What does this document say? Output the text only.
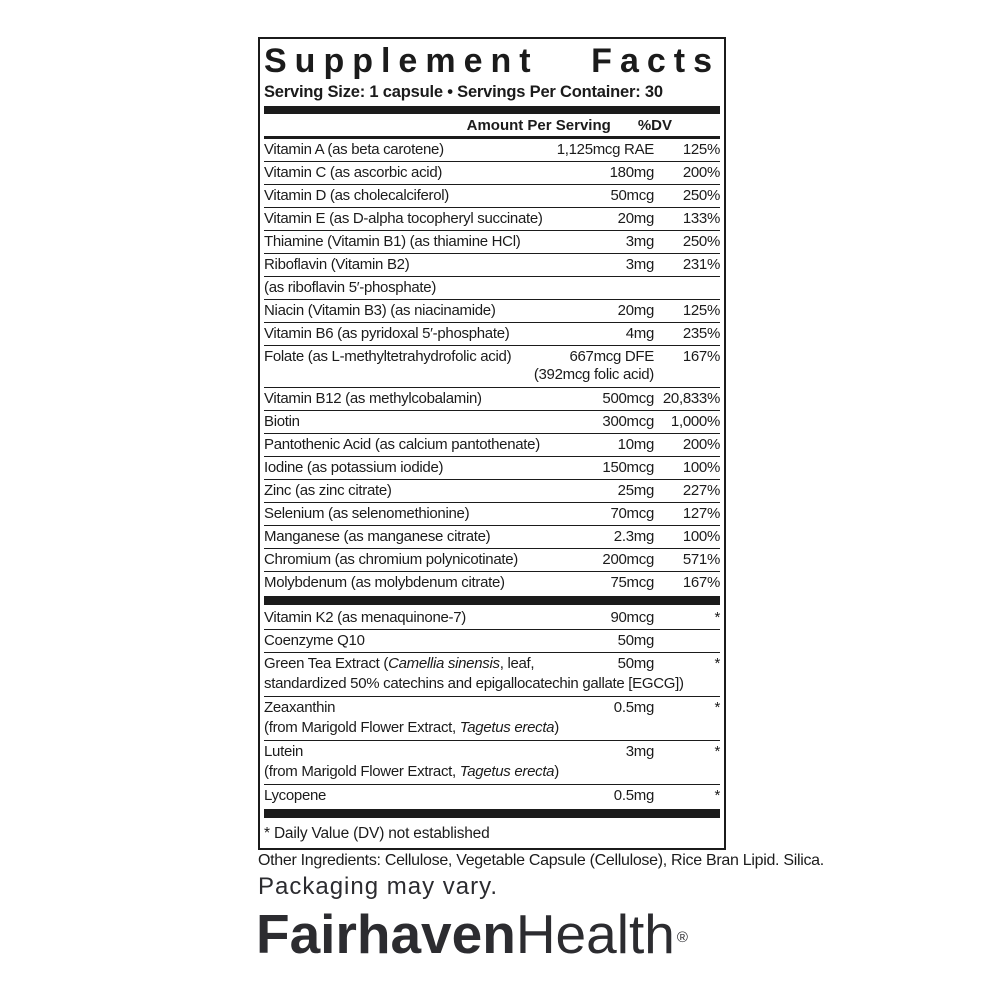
Supplement Facts
Serving Size: 1 capsule • Servings Per Container: 30
Amount Per Serving %DV
Vitamin A (as beta carotene)	1,125mcg RAE	125%
Vitamin C (as ascorbic acid)	180mg	200%
Vitamin D (as cholecalciferol)	50mcg	250%
Vitamin E (as D-alpha tocopheryl succinate)	20mg	133%
Thiamine (Vitamin B1) (as thiamine HCl)	3mg	250%
Riboflavin (Vitamin B2)	3mg	231%
(as riboflavin 5′-phosphate)
Niacin (Vitamin B3) (as niacinamide)	20mg	125%
Vitamin B6 (as pyridoxal 5′-phosphate)	4mg	235%
Folate (as L-methyltetrahydrofolic acid)	667mcg DFE	167%
(392mcg folic acid)
Vitamin B12 (as methylcobalamin)	500mcg 20,833%
Biotin	300mcg	1,000%
Pantothenic Acid (as calcium pantothenate)	10mg	200%
Iodine (as potassium iodide)	150mcg	100%
Zinc (as zinc citrate)	25mg	227%
Selenium (as selenomethionine)	70mcg	127%
Manganese (as manganese citrate)	2.3mg	100%
Chromium (as chromium polynicotinate)	200mcg	571%
Molybdenum (as molybdenum citrate)	75mcg	167%
Vitamin K2 (as menaquinone-7)	90mcg	*
Coenzyme Q10	50mg
Green Tea Extract (Camellia sinensis, leaf,	50mg	*
standardized 50% catechins and epigallocatechin gallate [EGCG])
Zeaxanthin	0.5mg	*
(from Marigold Flower Extract, Tagetus erecta)
Lutein	3mg	*
(from Marigold Flower Extract, Tagetus erecta)
Lycopene	0.5mg	*
* Daily Value (DV) not established
Other Ingredients: Cellulose, Vegetable Capsule (Cellulose), Rice Bran Lipid. Silica.
Packaging may vary.
FairhavenHealth ®
